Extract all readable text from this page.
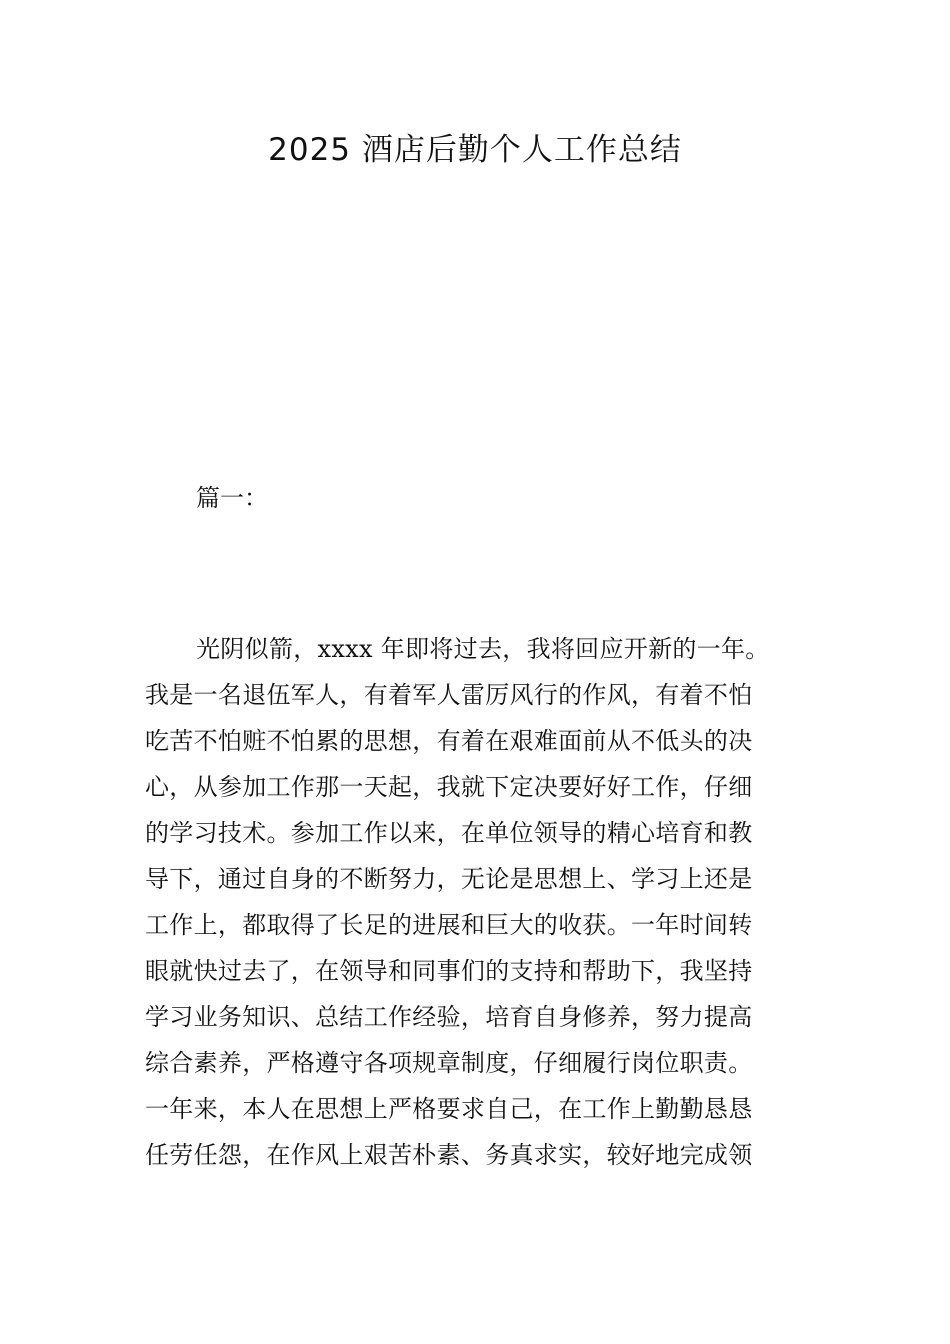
2025 酒店后勤个人工作总结

篇一：

光阴似箭，xxxx 年即将过去，我将回应开新的一年。
我是一名退伍军人，有着军人雷厉风行的作风，有着不怕
吃苦不怕赃不怕累的思想，有着在艰难面前从不低头的决
心，从参加工作那一天起，我就下定决要好好工作，仔细
的学习技术。参加工作以来，在单位领导的精心培育和教
导下，通过自身的不断努力，无论是思想上、学习上还是
工作上，都取得了长足的进展和巨大的收获。一年时间转
眼就快过去了，在领导和同事们的支持和帮助下，我坚持
学习业务知识、总结工作经验，培育自身修养，努力提高
综合素养，严格遵守各项规章制度，仔细履行岗位职责。
一年来，本人在思想上严格要求自己，在工作上勤勤恳恳
任劳任怨，在作风上艰苦朴素、务真求实，较好地完成领
